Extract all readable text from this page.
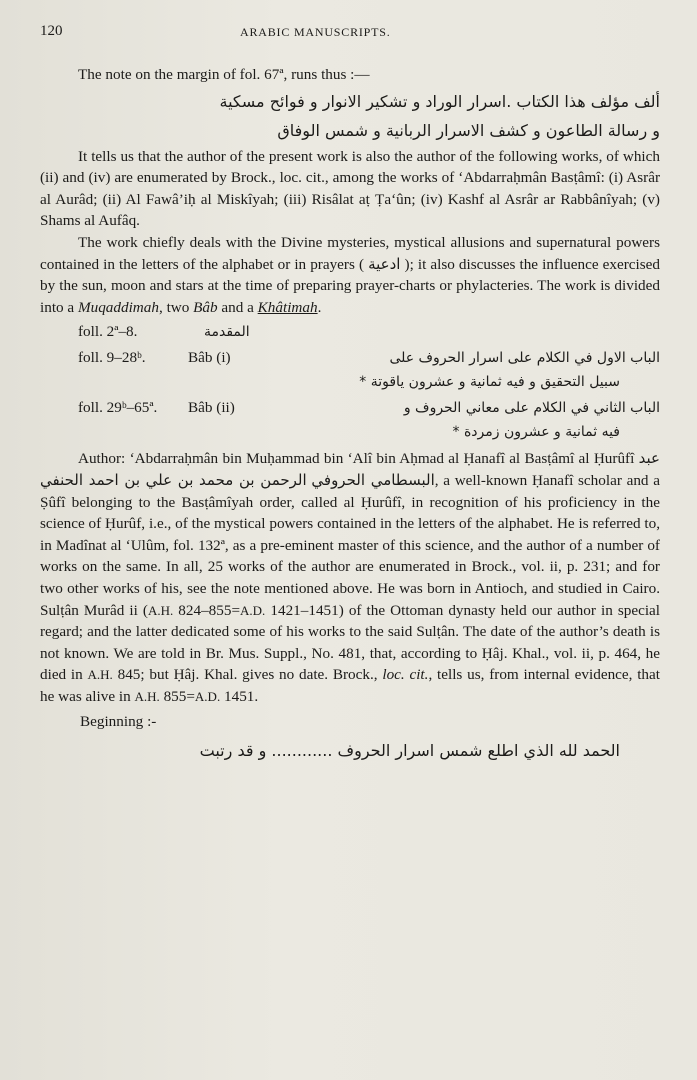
120	ARABIC MANUSCRIPTS.

The note on the margin of fol. 67ª, runs thus :—

ألف مؤلف هذا الكتاب .اسرار الوراد و تشكير الانوار و فوائح مسكية
و رسالة الطاعون و كشف الاسرار الربانية و شمس الوفاق

It tells us that the author of the present work is also the author of the following works, of which (ii) and (iv) are enumerated by Brock., loc. cit., among the works of ‘Abdarraḥmân Basṭâmî: (i) Asrâr al Aurâd; (ii) Al Fawâ’iḥ al Miskîyah; (iii) Risâlat aṭ Ṭa‘ûn; (iv) Kashf al Asrâr ar Rabbânîyah; (v) Shams al Aufâq.

The work chiefly deals with the Divine mysteries, mystical allusions and supernatural powers contained in the letters of the alphabet or in prayers ( ادعية ); it also discusses the influence exercised by the sun, moon and stars at the time of preparing prayer-charts or phylacteries. The work is divided into a Muqaddimah, two Bâb and a Khâtimah.

foll. 2ª–8.	المقدمة
foll. 9–28ᵇ.	Bâb (i)	الباب الاول في الكلام على اسرار الحروف على
سبيل التحقيق و فيه ثمانية و عشرون ياقوتة *
foll. 29ᵇ–65ª.	Bâb (ii)	الباب الثاني في الكلام على معاني الحروف و
فيه ثمانية و عشرون زمردة *

Author: ‘Abdarraḥmân bin Muḥammad bin ‘Alî bin Aḥmad al Ḥanafî al Basṭâmî al Ḥurûfî عبد الرحمن بن محمد بن علي بن احمد الحنفي البسطامي الحروفي, a well-known Ḥanafî scholar and a Ṣûfî belonging to the Basṭâmîyah order, called al Ḥurûfî, in recognition of his proficiency in the science of Ḥurûf, i.e., of the mystical powers contained in the letters of the alphabet. He is referred to, in Madînat al ‘Ulûm, fol. 132ª, as a pre-eminent master of this science, and the author of a number of works on the same. In all, 25 works of the author are enumerated in Brock., vol. ii, p. 231; and for two other works of his, see the note mentioned above. He was born in Antioch, and studied in Cairo. Sulṭân Murâd ii (A.H. 824–855=A.D. 1421–1451) of the Ottoman dynasty held our author in special regard; and the latter dedicated some of his works to the said Sulṭân. The date of the author’s death is not known. We are told in Br. Mus. Suppl., No. 481, that, according to Ḥâj. Khal., vol. ii, p. 464, he died in A.H. 845; but Ḥâj. Khal. gives no date. Brock., loc. cit., tells us, from internal evidence, that he was alive in A.H. 855=A.D. 1451.

Beginning :-

الحمد لله الذي اطلع شمس اسرار الحروف ............ و قد رتبت
